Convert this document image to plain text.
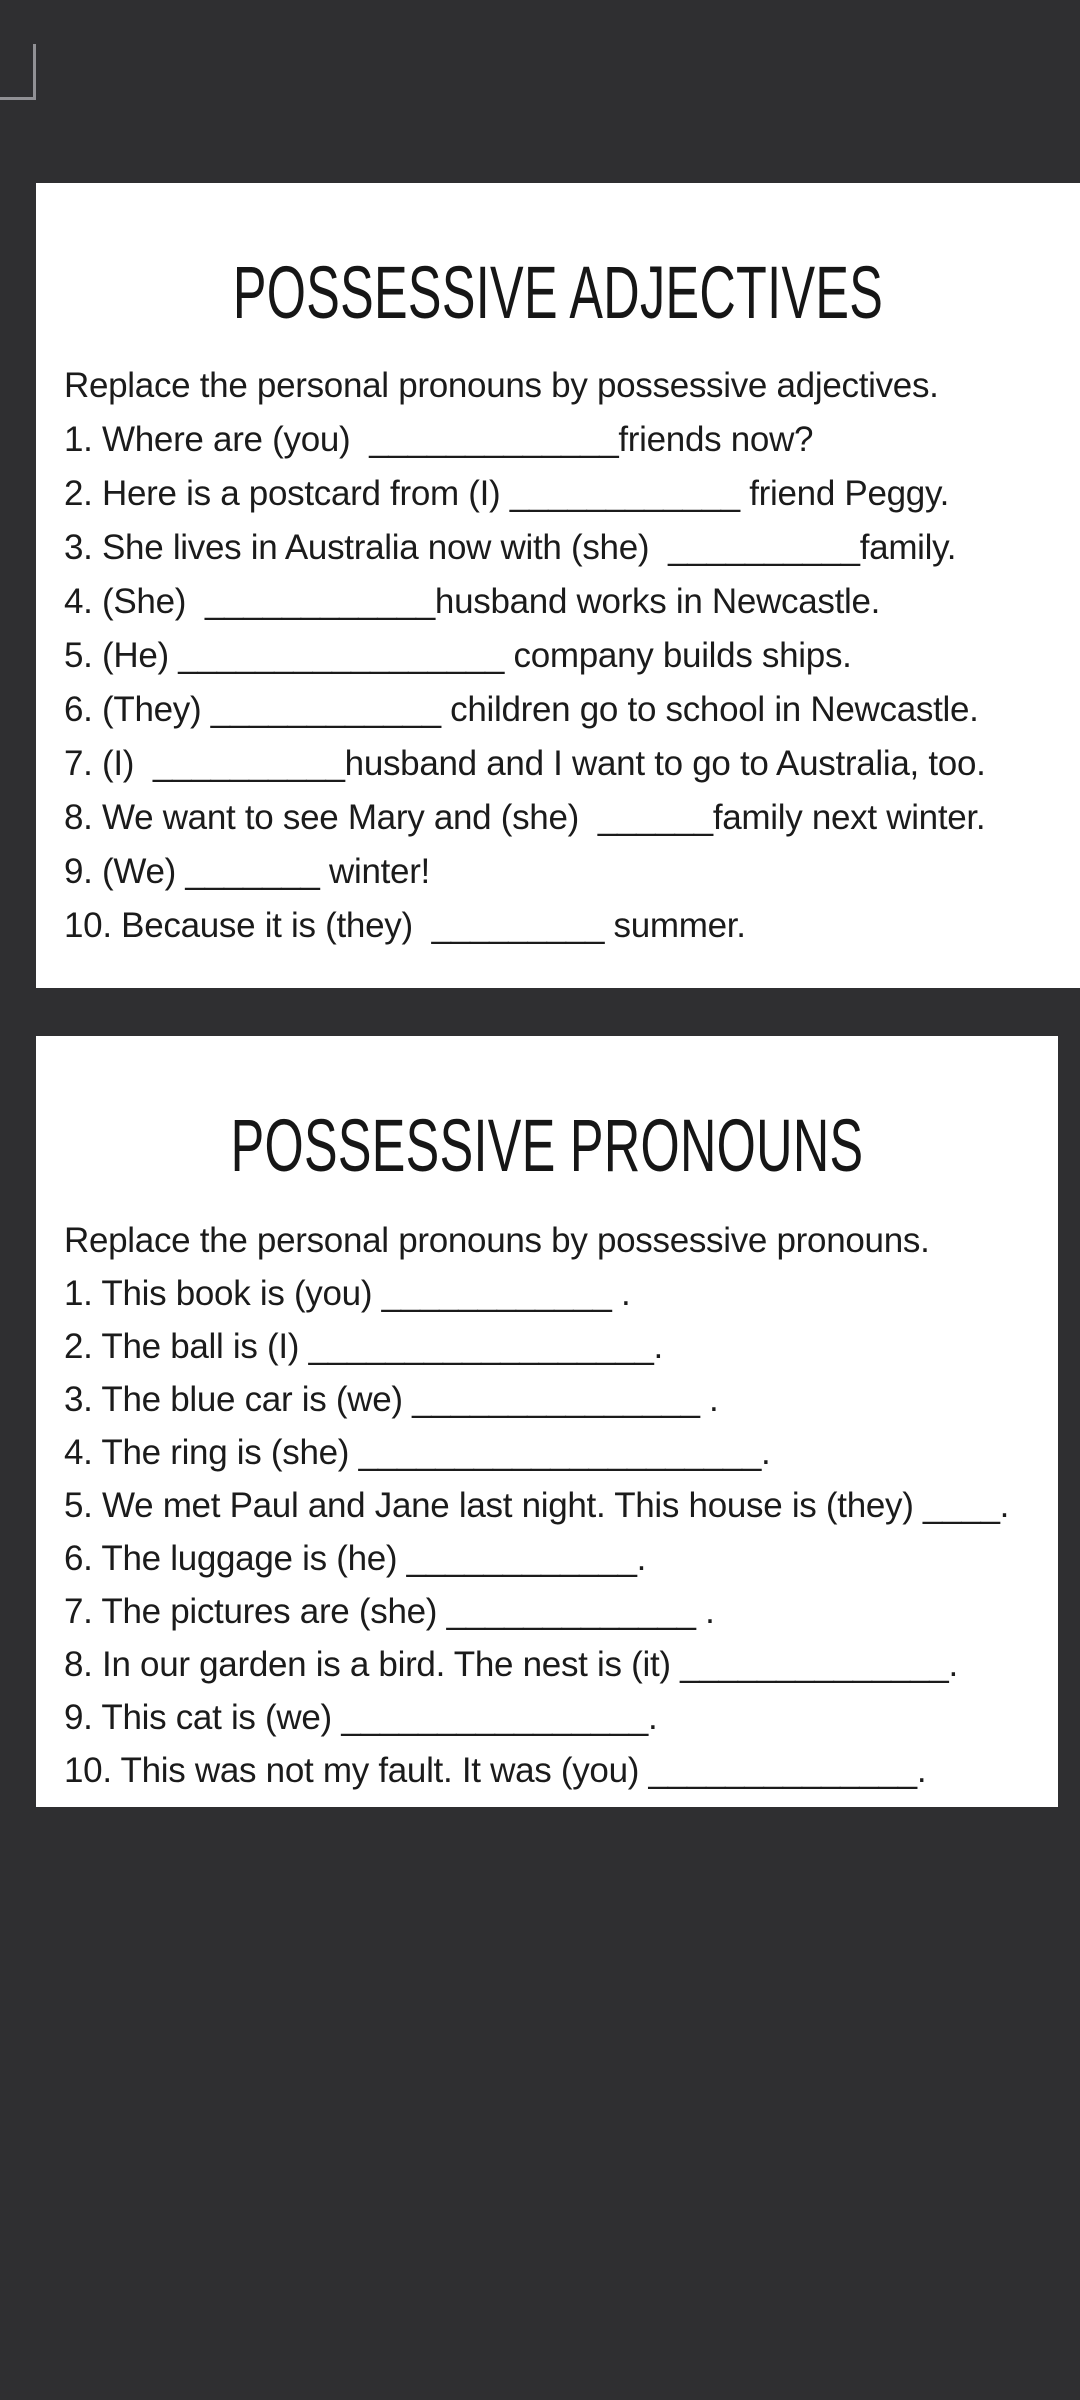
POSSESSIVE ADJECTIVES

Replace the personal pronouns by possessive adjectives.

1. Where are (you)  _____________friends now?

2. Here is a postcard from (I) ____________ friend Peggy.

3. She lives in Australia now with (she)  __________family.

4. (She)  ____________husband works in Newcastle.

5. (He) _________________ company builds ships.

6. (They) ____________ children go to school in Newcastle.

7. (I)  __________husband and I want to go to Australia, too.

8. We want to see Mary and (she)  ______family next winter.

9. (We) _______ winter!

10. Because it is (they)  _________ summer.

POSSESSIVE PRONOUNS

Replace the personal pronouns by possessive pronouns.

1. This book is (you) ____________ .

2. The ball is (I) __________________.

3. The blue car is (we) _______________ .

4. The ring is (she) _____________________.

5. We met Paul and Jane last night. This house is (they) ____.

6. The luggage is (he) ____________.

7. The pictures are (she) _____________ .

8. In our garden is a bird. The nest is (it) ______________.

9. This cat is (we) ________________.

10. This was not my fault. It was (you) ______________.
